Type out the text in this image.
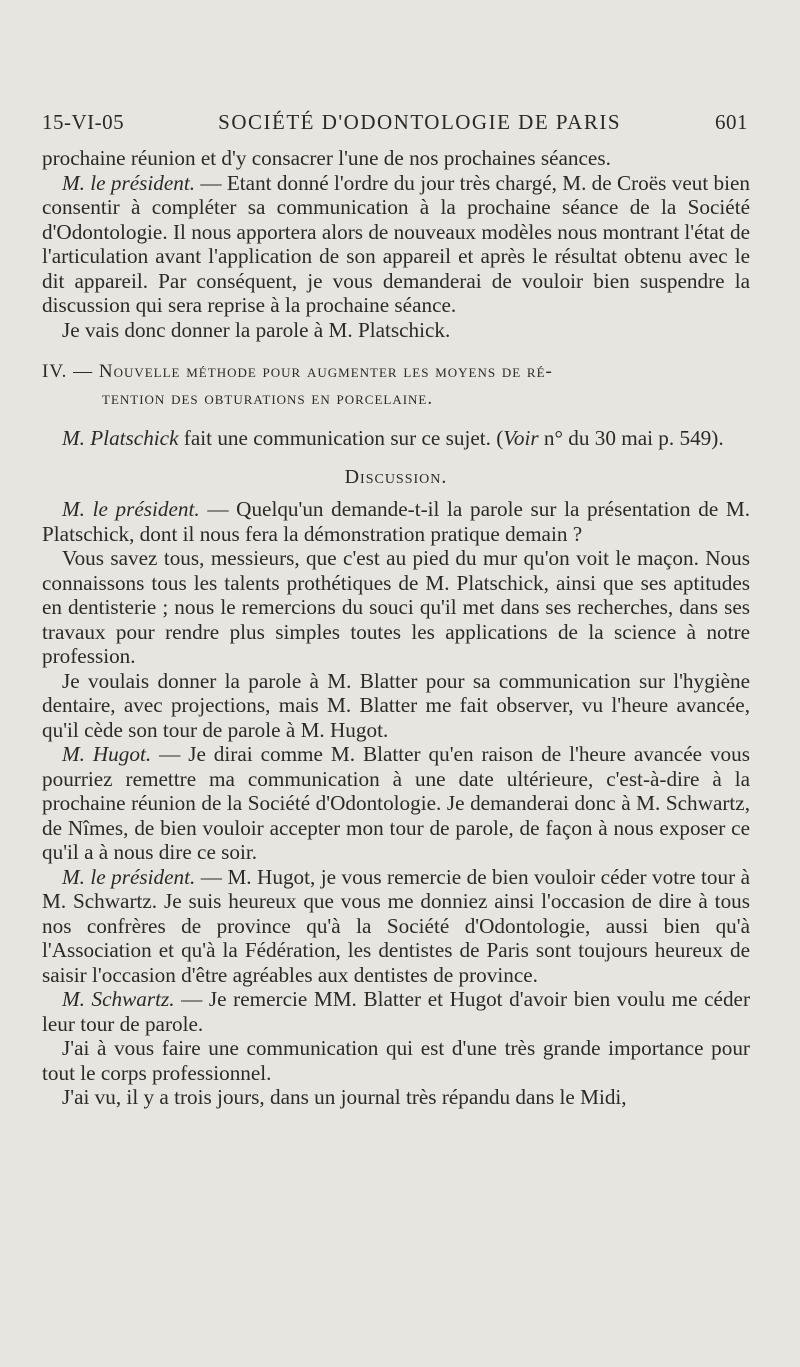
15-VI-05	SOCIÉTÉ D'ODONTOLOGIE DE PARIS	601

prochaine réunion et d'y consacrer l'une de nos prochaines séances.

M. le président. — Etant donné l'ordre du jour très chargé, M. de Croës veut bien consentir à compléter sa communication à la prochaine séance de la Société d'Odontologie. Il nous apportera alors de nouveaux modèles nous montrant l'état de l'articulation avant l'application de son appareil et après le résultat obtenu avec le dit appareil. Par conséquent, je vous demanderai de vouloir bien suspendre la discussion qui sera reprise à la prochaine séance.

Je vais donc donner la parole à M. Platschick.

IV. — Nouvelle méthode pour augmenter les moyens de ré-
tention des obturations en porcelaine.

M. Platschick fait une communication sur ce sujet. (Voir n° du 30 mai p. 549).

Discussion.

M. le président. — Quelqu'un demande-t-il la parole sur la présentation de M. Platschick, dont il nous fera la démonstration pratique demain ?

Vous savez tous, messieurs, que c'est au pied du mur qu'on voit le maçon. Nous connaissons tous les talents prothétiques de M. Platschick, ainsi que ses aptitudes en dentisterie ; nous le remercions du souci qu'il met dans ses recherches, dans ses travaux pour rendre plus simples toutes les applications de la science à notre profession.

Je voulais donner la parole à M. Blatter pour sa communication sur l'hygiène dentaire, avec projections, mais M. Blatter me fait observer, vu l'heure avancée, qu'il cède son tour de parole à M. Hugot.

M. Hugot. — Je dirai comme M. Blatter qu'en raison de l'heure avancée vous pourriez remettre ma communication à une date ultérieure, c'est-à-dire à la prochaine réunion de la Société d'Odontologie. Je demanderai donc à M. Schwartz, de Nîmes, de bien vouloir accepter mon tour de parole, de façon à nous exposer ce qu'il a à nous dire ce soir.

M. le président. — M. Hugot, je vous remercie de bien vouloir céder votre tour à M. Schwartz. Je suis heureux que vous me donniez ainsi l'occasion de dire à tous nos confrères de province qu'à la Société d'Odontologie, aussi bien qu'à l'Association et qu'à la Fédération, les dentistes de Paris sont toujours heureux de saisir l'occasion d'être agréables aux dentistes de province.

M. Schwartz. — Je remercie MM. Blatter et Hugot d'avoir bien voulu me céder leur tour de parole.

J'ai à vous faire une communication qui est d'une très grande importance pour tout le corps professionnel.

J'ai vu, il y a trois jours, dans un journal très répandu dans le Midi,
